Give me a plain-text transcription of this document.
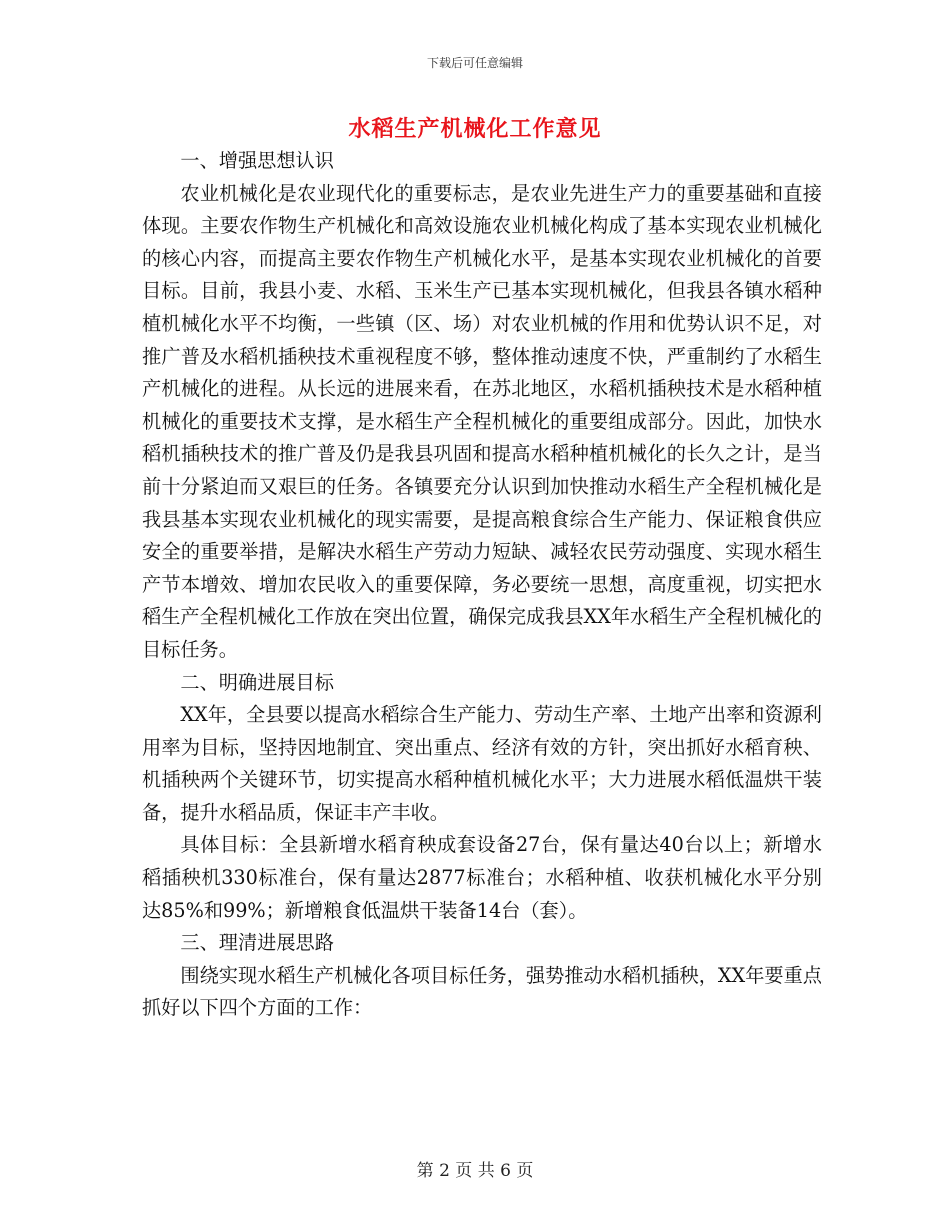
下载后可任意编辑
水稻生产机械化工作意见

一、增强思想认识

农业机械化是农业现代化的重要标志，是农业先进生产力的重要基础和直接体现。主要农作物生产机械化和高效设施农业机械化构成了基本实现农业机械化的核心内容，而提高主要农作物生产机械化水平，是基本实现农业机械化的首要目标。目前，我县小麦、水稻、玉米生产已基本实现机械化，但我县各镇水稻种植机械化水平不均衡，一些镇（区、场）对农业机械的作用和优势认识不足，对推广普及水稻机插秧技术重视程度不够，整体推动速度不快，严重制约了水稻生产机械化的进程。从长远的进展来看，在苏北地区，水稻机插秧技术是水稻种植机械化的重要技术支撑，是水稻生产全程机械化的重要组成部分。因此，加快水稻机插秧技术的推广普及仍是我县巩固和提高水稻种植机械化的长久之计，是当前十分紧迫而又艰巨的任务。各镇要充分认识到加快推动水稻生产全程机械化是我县基本实现农业机械化的现实需要，是提高粮食综合生产能力、保证粮食供应安全的重要举措，是解决水稻生产劳动力短缺、减轻农民劳动强度、实现水稻生产节本增效、增加农民收入的重要保障，务必要统一思想，高度重视，切实把水稻生产全程机械化工作放在突出位置，确保完成我县XX年水稻生产全程机械化的目标任务。

二、明确进展目标

XX年，全县要以提高水稻综合生产能力、劳动生产率、土地产出率和资源利用率为目标，坚持因地制宜、突出重点、经济有效的方针，突出抓好水稻育秧、机插秧两个关键环节，切实提高水稻种植机械化水平；大力进展水稻低温烘干装备，提升水稻品质，保证丰产丰收。

具体目标：全县新增水稻育秧成套设备27台，保有量达40台以上；新增水稻插秧机330标准台，保有量达2877标准台；水稻种植、收获机械化水平分别达85%和99%；新增粮食低温烘干装备14台（套）。

三、理清进展思路

围绕实现水稻生产机械化各项目标任务，强势推动水稻机插秧，XX年要重点抓好以下四个方面的工作：

第 2 页 共 6 页
